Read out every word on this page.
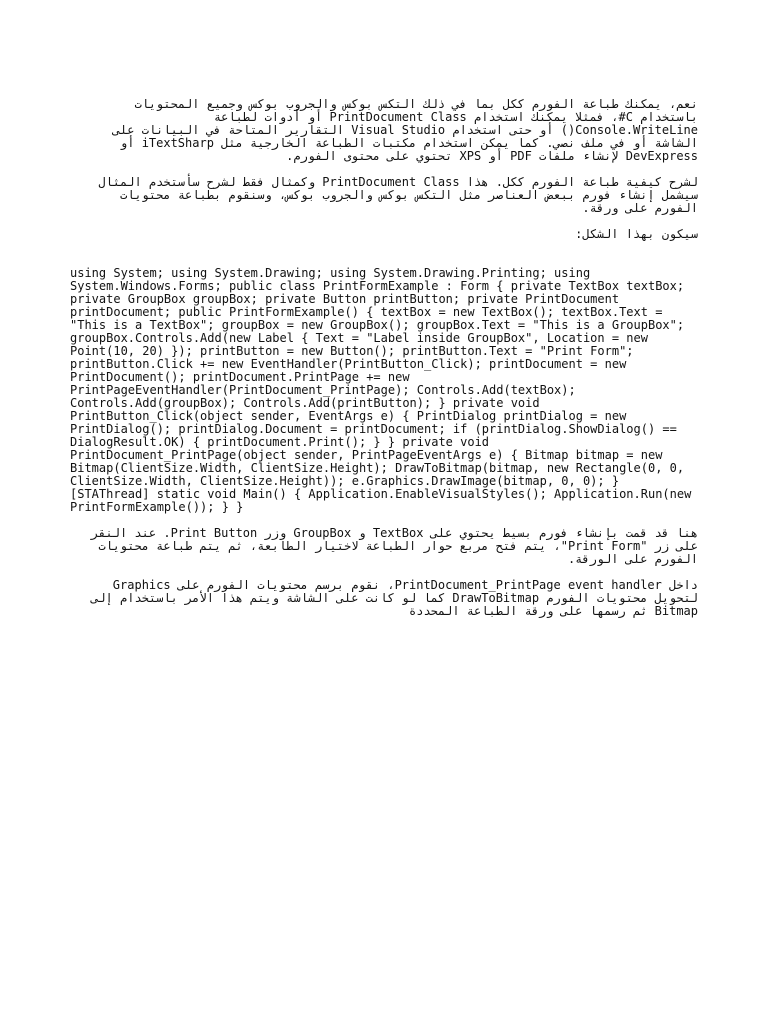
نعم، يمكنك طباعة الفورم ككل بما في ذلك التكس بوكس والجروب بوكس وجميع المحتويات باستخدام C#، فمثلا يمكنك استخدام PrintDocument Class أو أدوات لطباعة Console.WriteLine() أو حتى استخدام Visual Studio التقارير المتاحة في البيانات على الشاشة أو في ملف نصي. كما يمكن استخدام مكتبات الطباعة الخارجية مثل iTextSharp أو DevExpress لإنشاء ملفات PDF أو XPS تحتوي على محتوى الفورم.

لشرح كيفية طباعة الفورم ككل. هذا PrintDocument Class وكمثال فقط لشرح سأستخدم المثال سيشمل إنشاء فورم ببعض العناصر مثل التكس بوكس والجروب بوكس، وسنقوم بطباعة محتويات الفورم على ورقة.

سيكون بهذا الشكل:

using System; using System.Drawing; using System.Drawing.Printing; using System.Windows.Forms; public class PrintFormExample : Form { private TextBox textBox; private GroupBox groupBox; private Button printButton; private PrintDocument printDocument; public PrintFormExample() { textBox = new TextBox(); textBox.Text = "This is a TextBox"; groupBox = new GroupBox(); groupBox.Text = "This is a GroupBox"; groupBox.Controls.Add(new Label { Text = "Label inside GroupBox", Location = new Point(10, 20) }); printButton = new Button(); printButton.Text = "Print Form"; printButton.Click += new EventHandler(PrintButton_Click); printDocument = new PrintDocument(); printDocument.PrintPage += new PrintPageEventHandler(PrintDocument_PrintPage); Controls.Add(textBox); Controls.Add(groupBox); Controls.Add(printButton); } private void PrintButton_Click(object sender, EventArgs e) { PrintDialog printDialog = new PrintDialog(); printDialog.Document = printDocument; if (printDialog.ShowDialog() == DialogResult.OK) { printDocument.Print(); } } private void PrintDocument_PrintPage(object sender, PrintPageEventArgs e) { Bitmap bitmap = new Bitmap(ClientSize.Width, ClientSize.Height); DrawToBitmap(bitmap, new Rectangle(0, 0, ClientSize.Width, ClientSize.Height)); e.Graphics.DrawImage(bitmap, 0, 0); } [STAThread] static void Main() { Application.EnableVisualStyles(); Application.Run(new PrintFormExample()); } }

هنا قد قمت بإنشاء فورم بسيط يحتوي على TextBox و GroupBox وزر Print Button. عند النقر على زر "Print Form"، يتم فتح مربع حوار الطباعة لاختيار الطابعة، ثم يتم طباعة محتويات الفورم على الورقة.

داخل PrintDocument_PrintPage event handler، نقوم برسم محتويات الفورم على Graphics لتحويل محتويات الفورم DrawToBitmap كما لو كانت على الشاشة ويتم هذا الأمر باستخدام إلى Bitmap ثم رسمها على ورقة الطباعة المحددة
